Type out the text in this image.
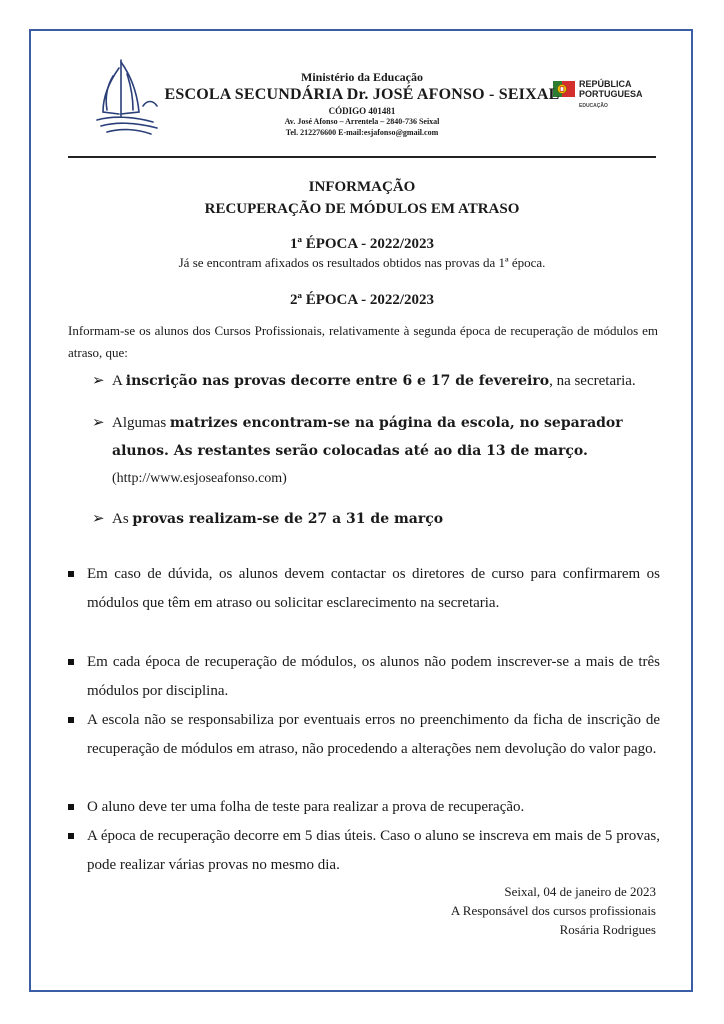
REPÚBLICA
PORTUGUESA
EDUCAÇÃO
Ministério da Educação
ESCOLA SECUNDÁRIA Dr. JOSÉ AFONSO - SEIXAL
CÓDIGO 401481
Av. José Afonso – Arrentela – 2840-736 Seixal
Tel. 212276600 E-mail:esjafonso@gmail.com
INFORMAÇÃO
RECUPERAÇÃO DE MÓDULOS EM ATRASO
1ª ÉPOCA - 2022/2023
Já se encontram afixados os resultados obtidos nas provas da 1ª época.
2ª ÉPOCA - 2022/2023
Informam-se os alunos dos Cursos Profissionais, relativamente à segunda época de recuperação de módulos em atraso, que:
➢ A inscrição nas provas decorre entre 6 e 17 de fevereiro, na secretaria.
➢ Algumas matrizes encontram-se na página da escola, no separador alunos. As restantes serão colocadas até ao dia 13 de março.
(http://www.esjoseafonso.com)
➢ As provas realizam-se de 27 a 31 de março
Em caso de dúvida, os alunos devem contactar os diretores de curso para confirmarem os módulos que têm em atraso ou solicitar esclarecimento na secretaria.
Em cada época de recuperação de módulos, os alunos não podem inscrever-se a mais de três módulos por disciplina.
A escola não se responsabiliza por eventuais erros no preenchimento da ficha de inscrição de recuperação de módulos em atraso, não procedendo a alterações nem devolução do valor pago.
O aluno deve ter uma folha de teste para realizar a prova de recuperação.
A época de recuperação decorre em 5 dias úteis. Caso o aluno se inscreva em mais de 5 provas, pode realizar várias provas no mesmo dia.
Seixal, 04 de janeiro de 2023
A Responsável dos cursos profissionais
Rosária Rodrigues
